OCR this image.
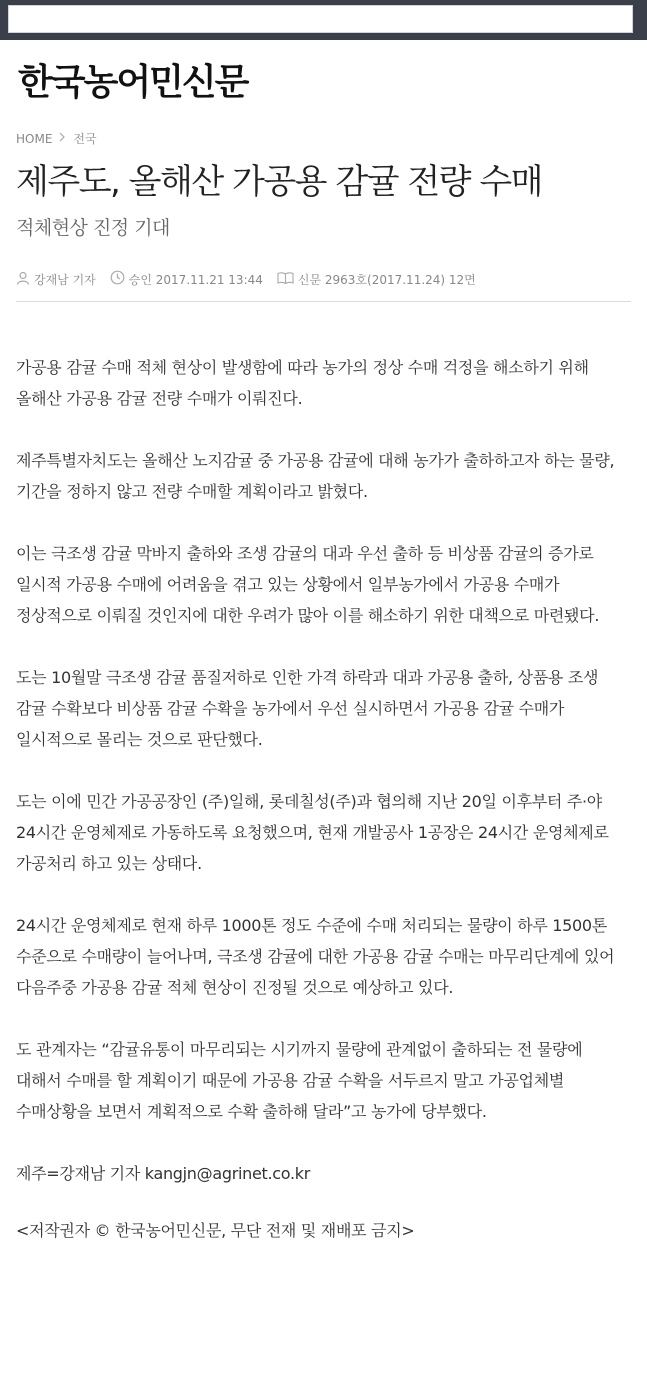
한국농어민신문
HOME 전국
제주도, 올해산 가공용 감귤 전량 수매
적체현상 진정 기대
강재남 기자	승인 2017.11.21 13:44	신문 2963호(2017.11.24) 12면

가공용 감귤 수매 적체 현상이 발생함에 따라 농가의 정상 수매 걱정을 해소하기 위해 올해산 가공용 감귤 전량 수매가 이뤄진다.

제주특별자치도는 올해산 노지감귤 중 가공용 감귤에 대해 농가가 출하하고자 하는 물량, 기간을 정하지 않고 전량 수매할 계획이라고 밝혔다.

이는 극조생 감귤 막바지 출하와 조생 감귤의 대과 우선 출하 등 비상품 감귤의 증가로 일시적 가공용 수매에 어려움을 겪고 있는 상황에서 일부농가에서 가공용 수매가 정상적으로 이뤄질 것인지에 대한 우려가 많아 이를 해소하기 위한 대책으로 마련됐다.

도는 10월말 극조생 감귤 품질저하로 인한 가격 하락과 대과 가공용 출하, 상품용 조생 감귤 수확보다 비상품 감귤 수확을 농가에서 우선 실시하면서 가공용 감귤 수매가 일시적으로 몰리는 것으로 판단했다.

도는 이에 민간 가공공장인 (주)일해, 롯데칠성(주)과 협의해 지난 20일 이후부터 주·야 24시간 운영체제로 가동하도록 요청했으며, 현재 개발공사 1공장은 24시간 운영체제로 가공처리 하고 있는 상태다.

24시간 운영체제로 현재 하루 1000톤 정도 수준에 수매 처리되는 물량이 하루 1500톤 수준으로 수매량이 늘어나며, 극조생 감귤에 대한 가공용 감귤 수매는 마무리단계에 있어 다음주중 가공용 감귤 적체 현상이 진정될 것으로 예상하고 있다.

도 관계자는 “감귤유통이 마무리되는 시기까지 물량에 관계없이 출하되는 전 물량에 대해서 수매를 할 계획이기 때문에 가공용 감귤 수확을 서두르지 말고 가공업체별 수매상황을 보면서 계획적으로 수확 출하해 달라”고 농가에 당부했다.

제주=강재남 기자 kangjn@agrinet.co.kr

<저작권자 © 한국농어민신문, 무단 전재 및 재배포 금지>
